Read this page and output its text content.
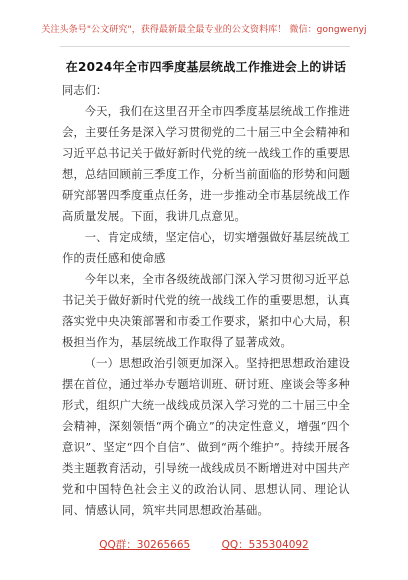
关注头条号"公文研究"，获得最新最全最专业的公文资料库！ 微信：gongwenyj

在2024年全市四季度基层统战工作推进会上的讲话

同志们：

今天，我们在这里召开全市四季度基层统战工作推进会，主要任务是深入学习贯彻党的二十届三中全会精神和习近平总书记关于做好新时代党的统一战线工作的重要思想，总结回顾前三季度工作，分析当前面临的形势和问题研究部署四季度重点任务，进一步推动全市基层统战工作高质量发展。下面，我讲几点意见。

一、肯定成绩，坚定信心，切实增强做好基层统战工作的责任感和使命感

今年以来，全市各级统战部门深入学习贯彻习近平总书记关于做好新时代党的统一战线工作的重要思想，认真落实党中央决策部署和市委工作要求，紧扣中心大局，积极担当作为，基层统战工作取得了显著成效。

（一）思想政治引领更加深入。坚持把思想政治建设摆在首位，通过举办专题培训班、研讨班、座谈会等多种形式，组织广大统一战线成员深入学习党的二十届三中全会精神，深刻领悟“两个确立”的决定性意义，增强“四个意识”、坚定“四个自信”、做到“两个维护”。持续开展各类主题教育活动，引导统一战线成员不断增进对中国共产党和中国特色社会主义的政治认同、思想认同、理论认同、情感认同，筑牢共同思想政治基础。

QQ群：30265665	QQ：535304092
